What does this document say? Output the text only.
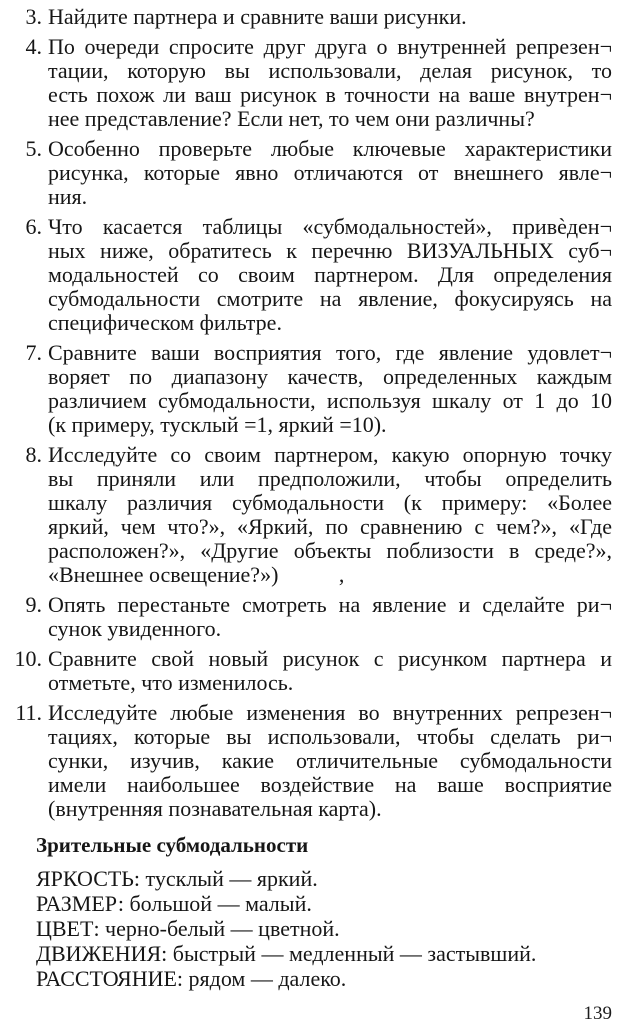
3. Найдите партнера и сравните ваши рисунки.
4. По очереди спросите друг друга о внутренней репрезен¬
тации, которую вы использовали, делая рисунок, то
есть похож ли ваш рисунок в точности на ваше внутрен¬
нее представление? Если нет, то чем они различны?
5. Особенно проверьте любые ключевые характеристики
рисунка, которые явно отличаются от внешнего явле¬
ния.
6. Что касается таблицы «субмодальностей», привѐден¬
ных ниже, обратитесь к перечню ВИЗУАЛЬНЫХ суб¬
модальностей со своим партнером. Для определения
субмодальности смотрите на явление, фокусируясь на
специфическом фильтре.
7. Сравните ваши восприятия того, где явление удовлет¬
воряет по диапазону качеств, определенных каждым
различием субмодальности, используя шкалу от 1 до 10
(к примеру, тусклый =1, яркий =10).
8. Исследуйте со своим партнером, какую опорную точку
вы приняли или предположили, чтобы определить
шкалу различия субмодальности (к примеру: «Более
яркий, чем что?», «Яркий, по сравнению с чем?», «Где
расположен?», «Другие объекты поблизости в среде?»,
«Внешнее освещение?»)           ,
9. Опять перестаньте смотреть на явление и сделайте ри¬
сунок увиденного.
10. Сравните свой новый рисунок с рисунком партнера и
отметьте, что изменилось.
11. Исследуйте любые изменения во внутренних репрезен¬
тациях, которые вы использовали, чтобы сделать ри¬
сунки, изучив, какие отличительные субмодальности
имели наибольшее воздействие на ваше восприятие
(внутренняя познавательная карта).
Зрительные субмодальности
ЯРКОСТЬ: тусклый — яркий.
РАЗМЕР: большой — малый.
ЦВЕТ: черно-белый — цветной.
ДВИЖЕНИЯ: быстрый — медленный — застывший.
РАССТОЯНИЕ: рядом — далеко.
139
